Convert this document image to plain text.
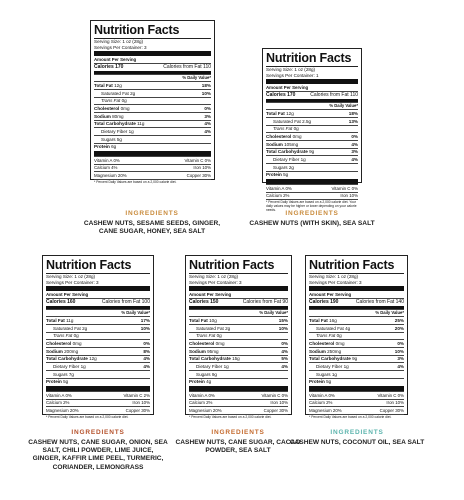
Nutrition Facts
Serving Size: 1 oz (28g)
Servings Per Container: 3
Amount Per Serving
Calories 170	Calories from Fat 110
% Daily Value*
Total Fat 12g	18%
Saturated Fat 2g	10%
Trans Fat 0g
Cholesterol 0mg	0%
Sodium 80mg	3%
Total Carbohydrate 11g	4%
Dietary Fiber 1g	4%
Sugars 5g
Protein 6g
Vitamin A 0%	Vitamin C 0%
Calcium 4%	Iron 10%
Magnesium 20%	Copper 30%
* Percent Daily Values are based on a 2,000 calorie diet.
INGREDIENTS
CASHEW NUTS, SESAME SEEDS, GINGER, CANE SUGAR, HONEY, SEA SALT
Nutrition Facts
Serving Size: 1 oz (28g)
Servings Per Container: 1
Amount Per Serving
Calories 170	Calories from Fat 110
% Daily Value*
Total Fat 12g	18%
Saturated Fat 2.5g	13%
Trans Fat 0g
Cholesterol 0mg	0%
Sodium 105mg	4%
Total Carbohydrate 9g	3%
Dietary Fiber 1g	4%
Sugars 2g
Protein 5g
Vitamin A 0%	Vitamin C 0%
Calcium 2%	Iron 10%
* Percent Daily Values are based on a 2,000 calorie diet. Your daily values may be higher or lower depending on your calorie needs.	INGREDIENTS
CASHEW NUTS (WITH SKIN), SEA SALT
Nutrition Facts
Serving Size: 1 oz (28g)
Servings Per Container: 3
Amount Per Serving
Calories 160	Calories from Fat 100
% Daily Value*
Total Fat 11g	17%
Saturated Fat 2g	10%
Trans Fat 0g
Cholesterol 0mg	0%
Sodium 200mg	8%
Total Carbohydrate 12g	4%
Dietary Fiber 1g	4%
Sugars 7g
Protein 5g
Vitamin A 0%	Vitamin C 2%
Calcium 2%	Iron 10%
Magnesium 20%	Copper 30%
* Percent Daily Values are based on a 2,000 calorie diet.
INGREDIENTS
CASHEW NUTS, CANE SUGAR, ONION, SEA SALT, CHILI POWDER, LIME JUICE, GINGER, KAFFIR LIME PEEL, TURMERIC, CORIANDER, LEMONGRASS
Nutrition Facts
Serving Size: 1 oz (28g)
Servings Per Container: 3
Amount Per Serving
Calories 150	Calories from Fat 90
% Daily Value*
Total Fat 10g	15%
Saturated Fat 2g	10%
Trans Fat 0g
Cholesterol 0mg	0%
Sodium 95mg	4%
Total Carbohydrate 15g	5%
Dietary Fiber 1g	4%
Sugars 9g
Protein 4g
Vitamin A 0%	Vitamin C 0%
Calcium 2%	Iron 10%
Magnesium 20%	Copper 30%
* Percent Daily Values are based on a 2,000 calorie diet.
INGREDIENTS
CASHEW NUTS, CANE SUGAR, CACAO POWDER, SEA SALT
Nutrition Facts
Serving Size: 1 oz (28g)
Servings Per Container: 3
Amount Per Serving
Calories 190	Calories from Fat 140
% Daily Value*
Total Fat 16g	25%
Saturated Fat 4g	20%
Trans Fat 0g
Cholesterol 0mg	0%
Sodium 250mg	10%
Total Carbohydrate 9g	3%
Dietary Fiber 1g	4%
Sugars 1g
Protein 5g
Vitamin A 0%	Vitamin C 0%
Calcium 2%	Iron 10%
Magnesium 20%	Copper 30%
* Percent Daily Values are based on a 2,000 calorie diet.
INGREDIENTS
CASHEW NUTS, COCONUT OIL, SEA SALT
